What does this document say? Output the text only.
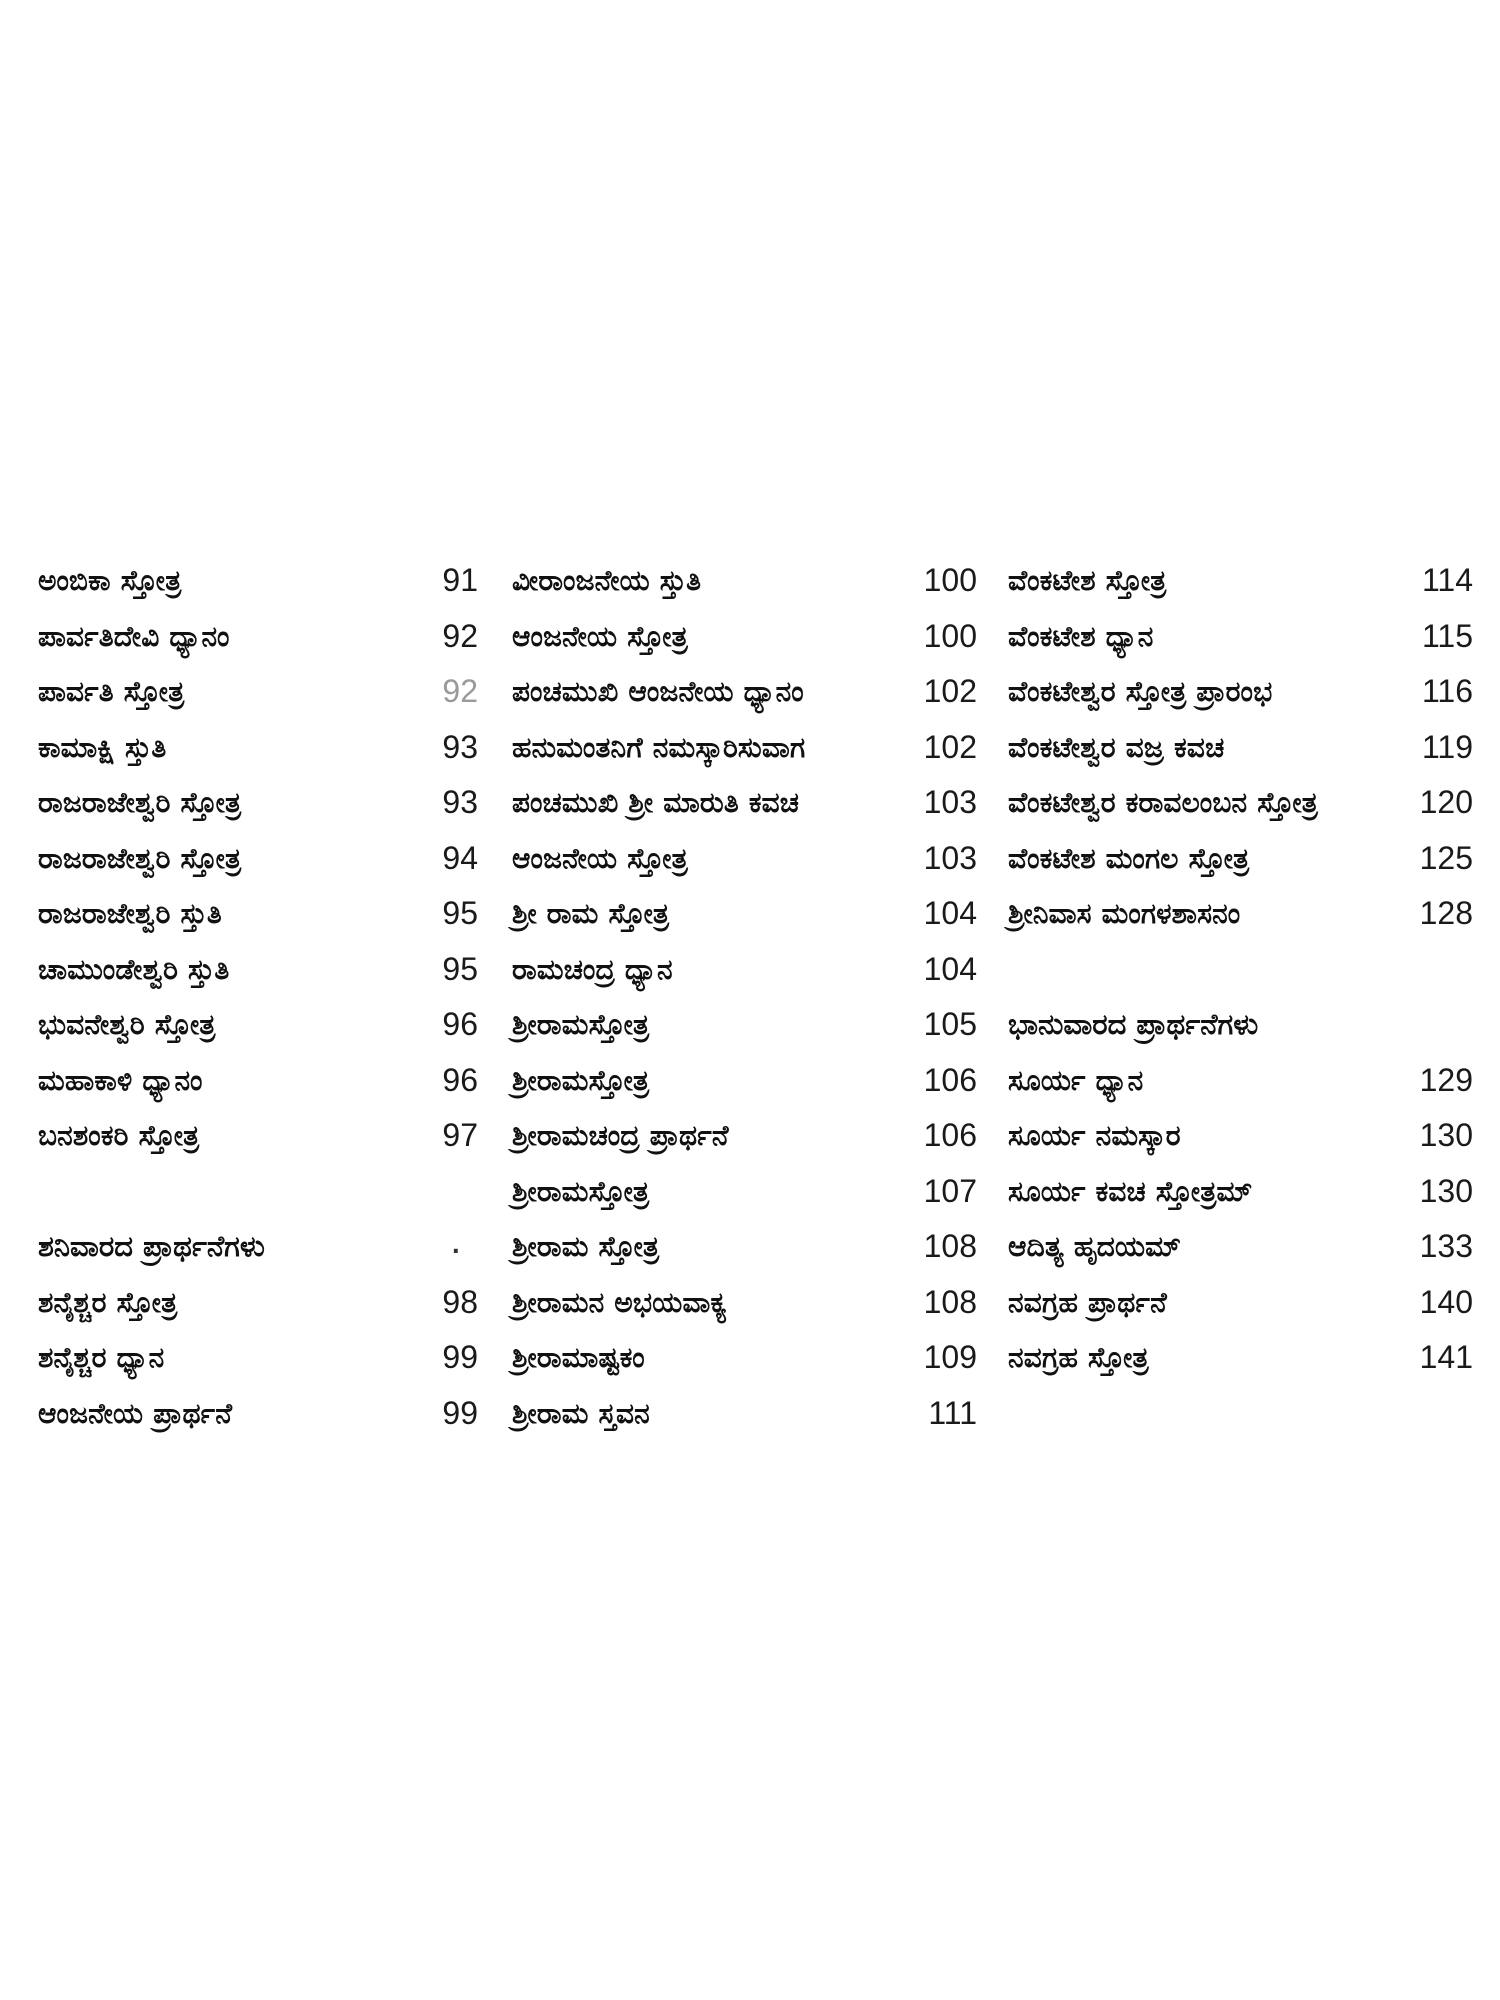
ಅಂಬಿಕಾ ಸ್ತೋತ್ರ	91
ಪಾರ್ವತಿದೇವಿ ಧ್ಯಾನಂ	92
ಪಾರ್ವತಿ ಸ್ತೋತ್ರ	92
ಕಾಮಾಕ್ಷಿ ಸ್ತುತಿ	93
ರಾಜರಾಜೇಶ್ವರಿ ಸ್ತೋತ್ರ	93
ರಾಜರಾಜೇಶ್ವರಿ ಸ್ತೋತ್ರ	94
ರಾಜರಾಜೇಶ್ವರಿ ಸ್ತುತಿ	95
ಚಾಮುಂಡೇಶ್ವರಿ ಸ್ತುತಿ	95
ಭುವನೇಶ್ವರಿ ಸ್ತೋತ್ರ	96
ಮಹಾಕಾಳಿ ಧ್ಯಾನಂ	96
ಬನಶಂಕರಿ ಸ್ತೋತ್ರ	97
ಶನಿವಾರದ ಪ್ರಾರ್ಥನೆಗಳು	.
ಶನೈಶ್ಚರ ಸ್ತೋತ್ರ	98
ಶನೈಶ್ಚರ ಧ್ಯಾನ	99
ಆಂಜನೇಯ ಪ್ರಾರ್ಥನೆ	99
ವೀರಾಂಜನೇಯ ಸ್ತುತಿ	100
ಆಂಜನೇಯ ಸ್ತೋತ್ರ	100
ಪಂಚಮುಖಿ ಆಂಜನೇಯ ಧ್ಯಾನಂ	102
ಹನುಮಂತನಿಗೆ ನಮಸ್ಕಾರಿಸುವಾಗ	102
ಪಂಚಮುಖಿ ಶ್ರೀ ಮಾರುತಿ ಕವಚ	103
ಆಂಜನೇಯ ಸ್ತೋತ್ರ	103
ಶ್ರೀ ರಾಮ ಸ್ತೋತ್ರ	104
ರಾಮಚಂದ್ರ ಧ್ಯಾನ	104
ಶ್ರೀರಾಮಸ್ತೋತ್ರ	105
ಶ್ರೀರಾಮಸ್ತೋತ್ರ	106
ಶ್ರೀರಾಮಚಂದ್ರ ಪ್ರಾರ್ಥನೆ	106
ಶ್ರೀರಾಮಸ್ತೋತ್ರ	107
ಶ್ರೀರಾಮ ಸ್ತೋತ್ರ	108
ಶ್ರೀರಾಮನ ಅಭಯವಾಕ್ಯ	108
ಶ್ರೀರಾಮಾಷ್ಟಕಂ	109
ಶ್ರೀರಾಮ ಸ್ತವನ	111
ವೆಂಕಟೇಶ ಸ್ತೋತ್ರ	114
ವೆಂಕಟೇಶ ಧ್ಯಾನ	115
ವೆಂಕಟೇಶ್ವರ ಸ್ತೋತ್ರ ಪ್ರಾರಂಭ	116
ವೆಂಕಟೇಶ್ವರ ವಜ್ರ ಕವಚ	119
ವೆಂಕಟೇಶ್ವರ ಕರಾವಲಂಬನ ಸ್ತೋತ್ರ	120
ವೆಂಕಟೇಶ ಮಂಗಲ ಸ್ತೋತ್ರ	125
ಶ್ರೀನಿವಾಸ ಮಂಗಳಶಾಸನಂ	128
ಭಾನುವಾರದ ಪ್ರಾರ್ಥನೆಗಳು
ಸೂರ್ಯ ಧ್ಯಾನ	129
ಸೂರ್ಯ ನಮಸ್ಕಾರ	130
ಸೂರ್ಯ ಕವಚ ಸ್ತೋತ್ರಮ್	130
ಆದಿತ್ಯ ಹೃದಯಮ್	133
ನವಗ್ರಹ ಪ್ರಾರ್ಥನೆ	140
ನವಗ್ರಹ ಸ್ತೋತ್ರ	141
